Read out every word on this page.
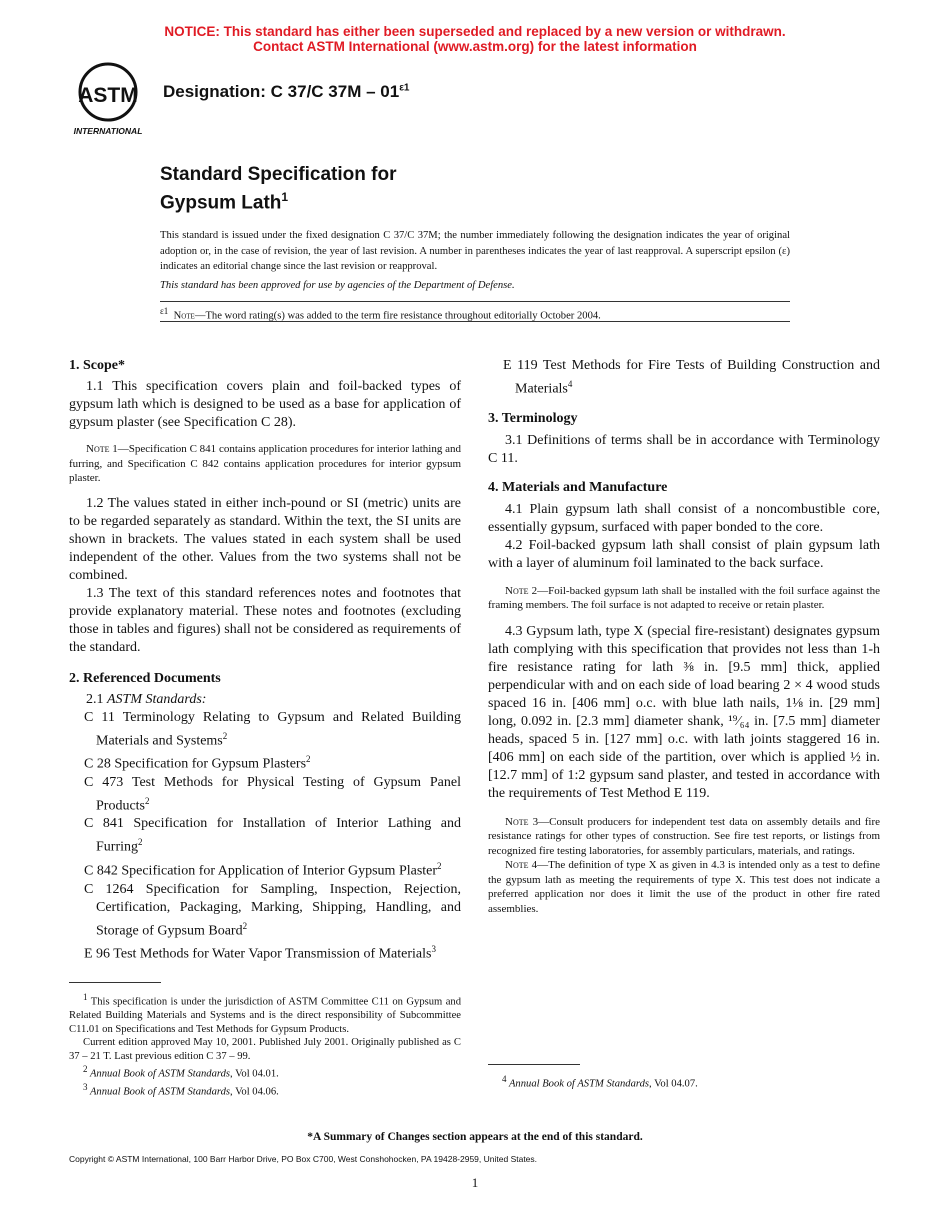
NOTICE: This standard has either been superseded and replaced by a new version or withdrawn.
Contact ASTM International (www.astm.org) for the latest information
ASTM
INTERNATIONAL
Designation: C 37/C $37M - 01^{\varepsilon 1}$
Standard Specification for
Gypsum Lath$^1$
This standard is issued under the fixed designation C 37/C 37M; the number immediately following the designation indicates the year of original adoption or, in the case of revision, the year of last revision. A number in parentheses indicates the year of last reapproval. A superscript epsilon (ε) indicates an editorial change since the last revision or reapproval.
This standard has been approved for use by agencies of the Department of Defense.
$^{\varepsilon 1}$ Note—The word rating(s) was added to the term fire resistance throughout editorially October 2004.

1. Scope*

1.1 This specification covers plain and foil-backed types of gypsum lath which is designed to be used as a base for application of gypsum plaster (see Specification C 28).

Note 1—Specification C 841 contains application procedures for interior lathing and furring, and Specification C 842 contains application procedures for interior gypsum plaster.

1.2 The values stated in either inch-pound or SI (metric) units are to be regarded separately as standard. Within the text, the SI units are shown in brackets. The values stated in each system shall be used independent of the other. Values from the two systems shall not be combined.

1.3 The text of this standard references notes and footnotes that provide explanatory material. These notes and footnotes (excluding those in tables and figures) shall not be considered as requirements of the standard.

2. Referenced Documents

2.1 ASTM Standards:

C 11 Terminology Relating to Gypsum and Related Building Materials and Systems$^2$

C 28 Specification for Gypsum Plasters$^2$

C 473 Test Methods for Physical Testing of Gypsum Panel Products$^2$

C 841 Specification for Installation of Interior Lathing and Furring$^2$

C 842 Specification for Application of Interior Gypsum Plaster$^2$

C 1264 Specification for Sampling, Inspection, Rejection, Certification, Packaging, Marking, Shipping, Handling, and Storage of Gypsum Board$^2$

E 96 Test Methods for Water Vapor Transmission of Materials$^3$

$^1$ This specification is under the jurisdiction of ASTM Committee C11 on Gypsum and Related Building Materials and Systems and is the direct responsibility of Subcommittee C11.01 on Specifications and Test Methods for Gypsum Products.

Current edition approved May 10, 2001. Published July 2001. Originally published as C 37 – 21 T. Last previous edition C 37 – 99.

$^2$ Annual Book of ASTM Standards, Vol 04.01.

$^3$ Annual Book of ASTM Standards, Vol 04.06.

E 119 Test Methods for Fire Tests of Building Construction and Materials$^4$

3. Terminology

3.1 Definitions of terms shall be in accordance with Terminology C 11.

4. Materials and Manufacture

4.1 Plain gypsum lath shall consist of a noncombustible core, essentially gypsum, surfaced with paper bonded to the core.

4.2 Foil-backed gypsum lath shall consist of plain gypsum lath with a layer of aluminum foil laminated to the back surface.

Note 2—Foil-backed gypsum lath shall be installed with the foil surface against the framing members. The foil surface is not adapted to receive or retain plaster.

4.3 Gypsum lath, type X (special fire-resistant) designates gypsum lath complying with this specification that provides not less than 1-h fire resistance rating for lath ⅜ in. [9.5 mm] thick, applied perpendicular with and on each side of load bearing 2 × 4 wood studs spaced 16 in. [406 mm] o.c. with blue lath nails, 1⅛ in. [29 mm] long, 0.092 in. [2.3 mm] diameter shank, ¹⁹⁄₆₄ in. [7.5 mm] diameter heads, spaced 5 in. [127 mm] o.c. with lath joints staggered 16 in. [406 mm] on each side of the partition, over which is applied ½ in. [12.7 mm] of 1:2 gypsum sand plaster, and tested in accordance with the requirements of Test Method E 119.

Note 3—Consult producers for independent test data on assembly details and fire resistance ratings for other types of construction. See fire test reports, or listings from recognized fire testing laboratories, for assembly particulars, materials, and ratings.

Note 4—The definition of type X as given in 4.3 is intended only as a test to define the gypsum lath as meeting the requirements of type X. This test does not indicate a preferred application nor does it limit the use of the product in other fire rated assemblies.

$^4$ Annual Book of ASTM Standards, Vol 04.07.

*A Summary of Changes section appears at the end of this standard.
Copyright © ASTM International, 100 Barr Harbor Drive, PO Box C700, West Conshohocken, PA 19428-2959, United States.
1
